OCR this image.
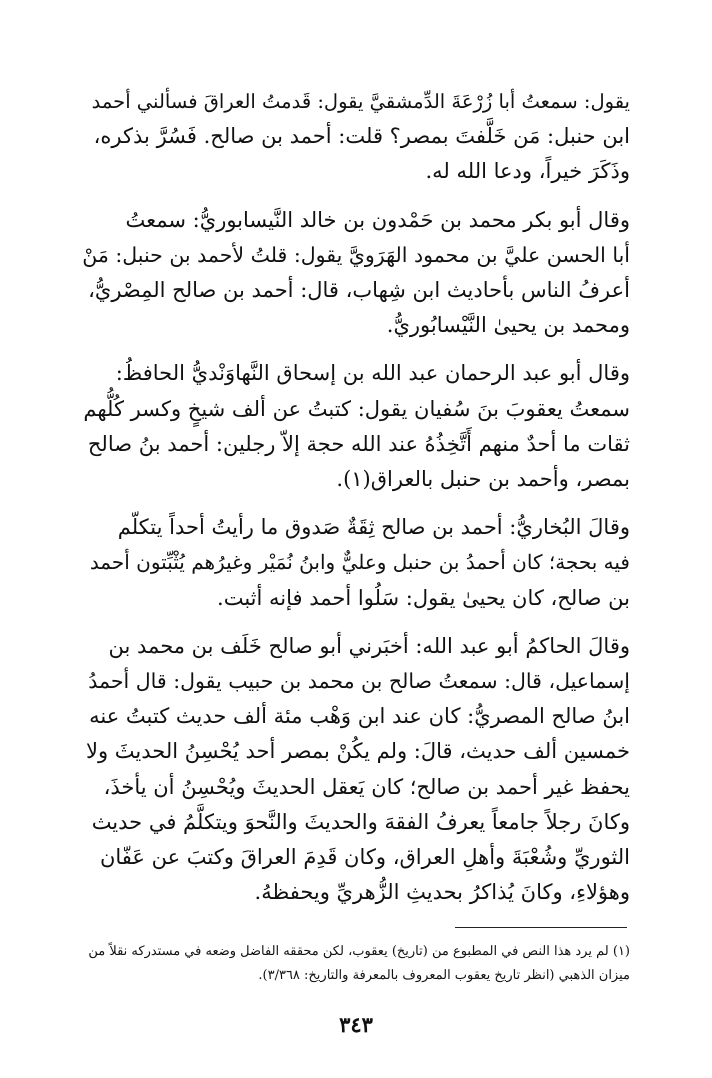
يقول: سمعتُ أبا زُرْعَةَ الدِّمشقيَّ يقول: قَدمتُ العراقَ فسألني أحمد
ابن حنبل: مَن خَلَّفتَ بمصر؟ قلت: أحمد بن صالح. فَسُرَّ بذكره،
وذَكَرَ خيراً، ودعا الله له.

وقال أبو بكر محمد بن حَمْدون بن خالد النَّيسابوريُّ: سمعتُ
أبا الحسن عليَّ بن محمود الهَرَويَّ يقول: قلتُ لأحمد بن حنبل: مَنْ
أعرفُ الناس بأحاديث ابن شِهاب، قال: أحمد بن صالح المِصْريُّ،
ومحمد بن يحيىٰ النَّيْسابُوريُّ.

وقال أبو عبد الرحمان عبد الله بن إسحاق النَّهاوَنْديُّ الحافظُ:
سمعتُ يعقوبَ بنَ سُفيان يقول: كتبتُ عن ألف شيخٍ وكسر كُلُّهم
ثقات ما أحدٌ منهم أَتَّخِذُهُ عند الله حجة إلاّ رجلين: أحمد بنُ صالح
بمصر، وأحمد بن حنبل بالعراق(١).

وقالَ البُخاريُّ: أحمد بن صالح ثِقَةٌ صَدوق ما رأيتُ أحداً يتكلّم
فيه بحجة؛ كان أحمدُ بن حنبل وعليٌّ وابنُ نُمَيْر وغيرُهم يُثْبِّتون أحمد
بن صالح، كان يحيىٰ يقول: سَلُوا أحمد فإنه أثبت.

وقالَ الحاكمُ أبو عبد الله: أخبَرني أبو صالح خَلَف بن محمد بن
إسماعيل، قال: سمعتُ صالح بن محمد بن حبيب يقول: قال أحمدُ
ابنُ صالح المصريُّ: كان عند ابن وَهْب مئة ألف حديث كتبتُ عنه
خمسين ألف حديث، قالَ: ولم يكُنْ بمصر أحد يُحْسِنُ الحديثَ ولا
يحفظ غير أحمد بن صالح؛ كان يَعقل الحديثَ ويُحْسِنُ أن يأخذَ،
وكانَ رجلاً جامعاً يعرفُ الفقهَ والحديثَ والنَّحوَ ويتكلَّمُ في حديث
الثوريِّ وشُعْبَةَ وأهلِ العراق، وكان قَدِمَ العراقَ وكتبَ عن عَفّان
وهؤلاءِ، وكانَ يُذاكرُ بحديثِ الزُّهريِّ ويحفظهُ.

(١) لم يرد هذا النص في المطبوع من (تاريخ) يعقوب، لكن محققه الفاضل وضعه في مستدركه نقلاً من
ميزان الذهبي (انظر تاريخ يعقوب المعروف بالمعرفة والتاريخ: ٣/٣٦٨).
٣٤٣
